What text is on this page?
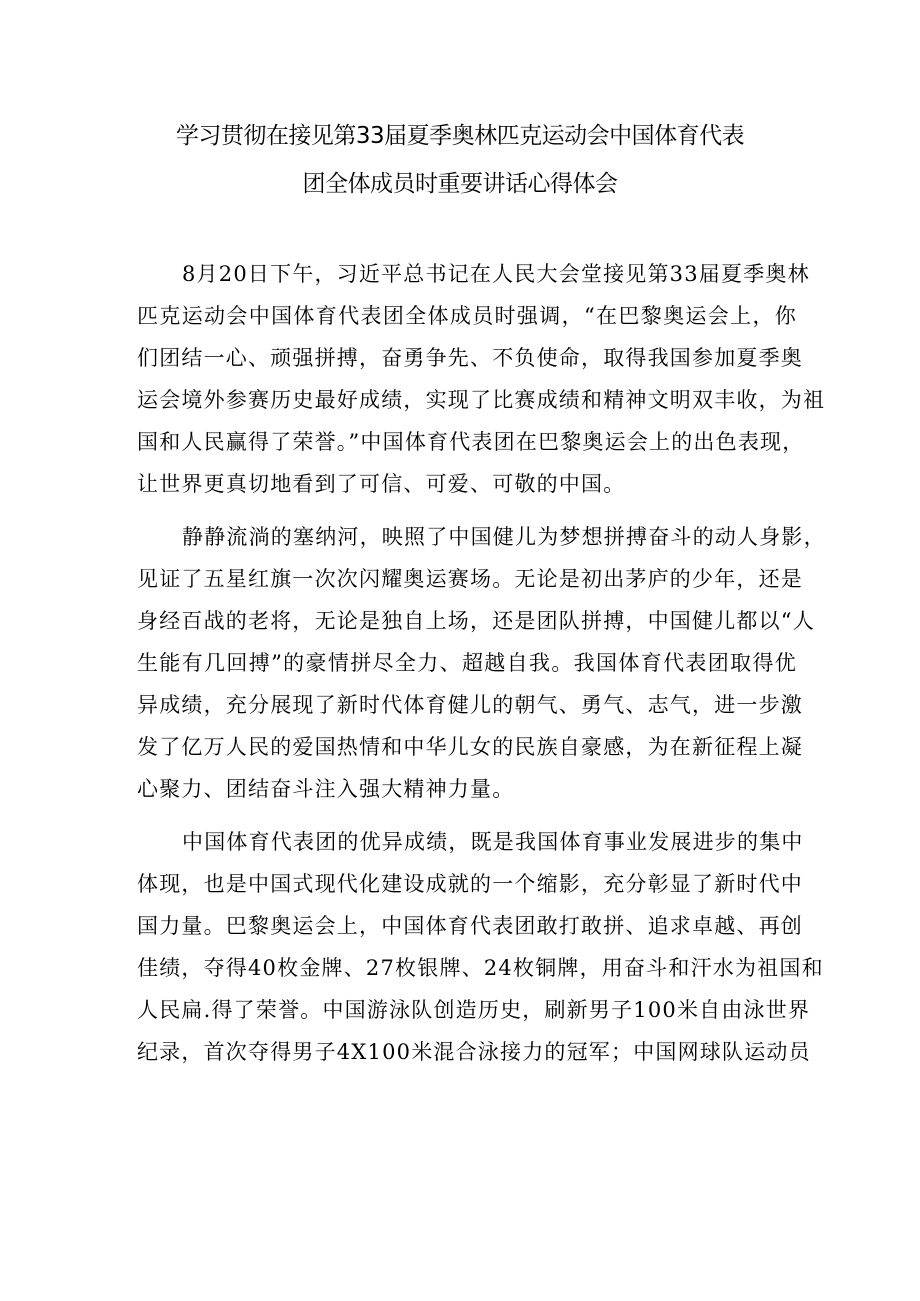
学习贯彻在接见第33届夏季奥林匹克运动会中国体育代表
团全体成员时重要讲话心得体会

8月20日下午，习近平总书记在人民大会堂接见第33届夏季奥林
匹克运动会中国体育代表团全体成员时强调，“在巴黎奥运会上，你
们团结一心、顽强拼搏，奋勇争先、不负使命，取得我国参加夏季奥
运会境外参赛历史最好成绩，实现了比赛成绩和精神文明双丰收，为祖
国和人民赢得了荣誉。”中国体育代表团在巴黎奥运会上的出色表现，
让世界更真切地看到了可信、可爱、可敬的中国。

静静流淌的塞纳河，映照了中国健儿为梦想拼搏奋斗的动人身影，
见证了五星红旗一次次闪耀奥运赛场。无论是初出茅庐的少年，还是
身经百战的老将，无论是独自上场，还是团队拼搏，中国健儿都以“人
生能有几回搏”的豪情拼尽全力、超越自我。我国体育代表团取得优
异成绩，充分展现了新时代体育健儿的朝气、勇气、志气，进一步激
发了亿万人民的爱国热情和中华儿女的民族自豪感，为在新征程上凝
心聚力、团结奋斗注入强大精神力量。

中国体育代表团的优异成绩，既是我国体育事业发展进步的集中
体现，也是中国式现代化建设成就的一个缩影，充分彰显了新时代中
国力量。巴黎奥运会上，中国体育代表团敢打敢拼、追求卓越、再创
佳绩，夺得40枚金牌、27枚银牌、24枚铜牌，用奋斗和汗水为祖国和
人民扁.得了荣誉。中国游泳队创造历史，刷新男子100米自由泳世界
纪录，首次夺得男子4X100米混合泳接力的冠军；中国网球队运动员
